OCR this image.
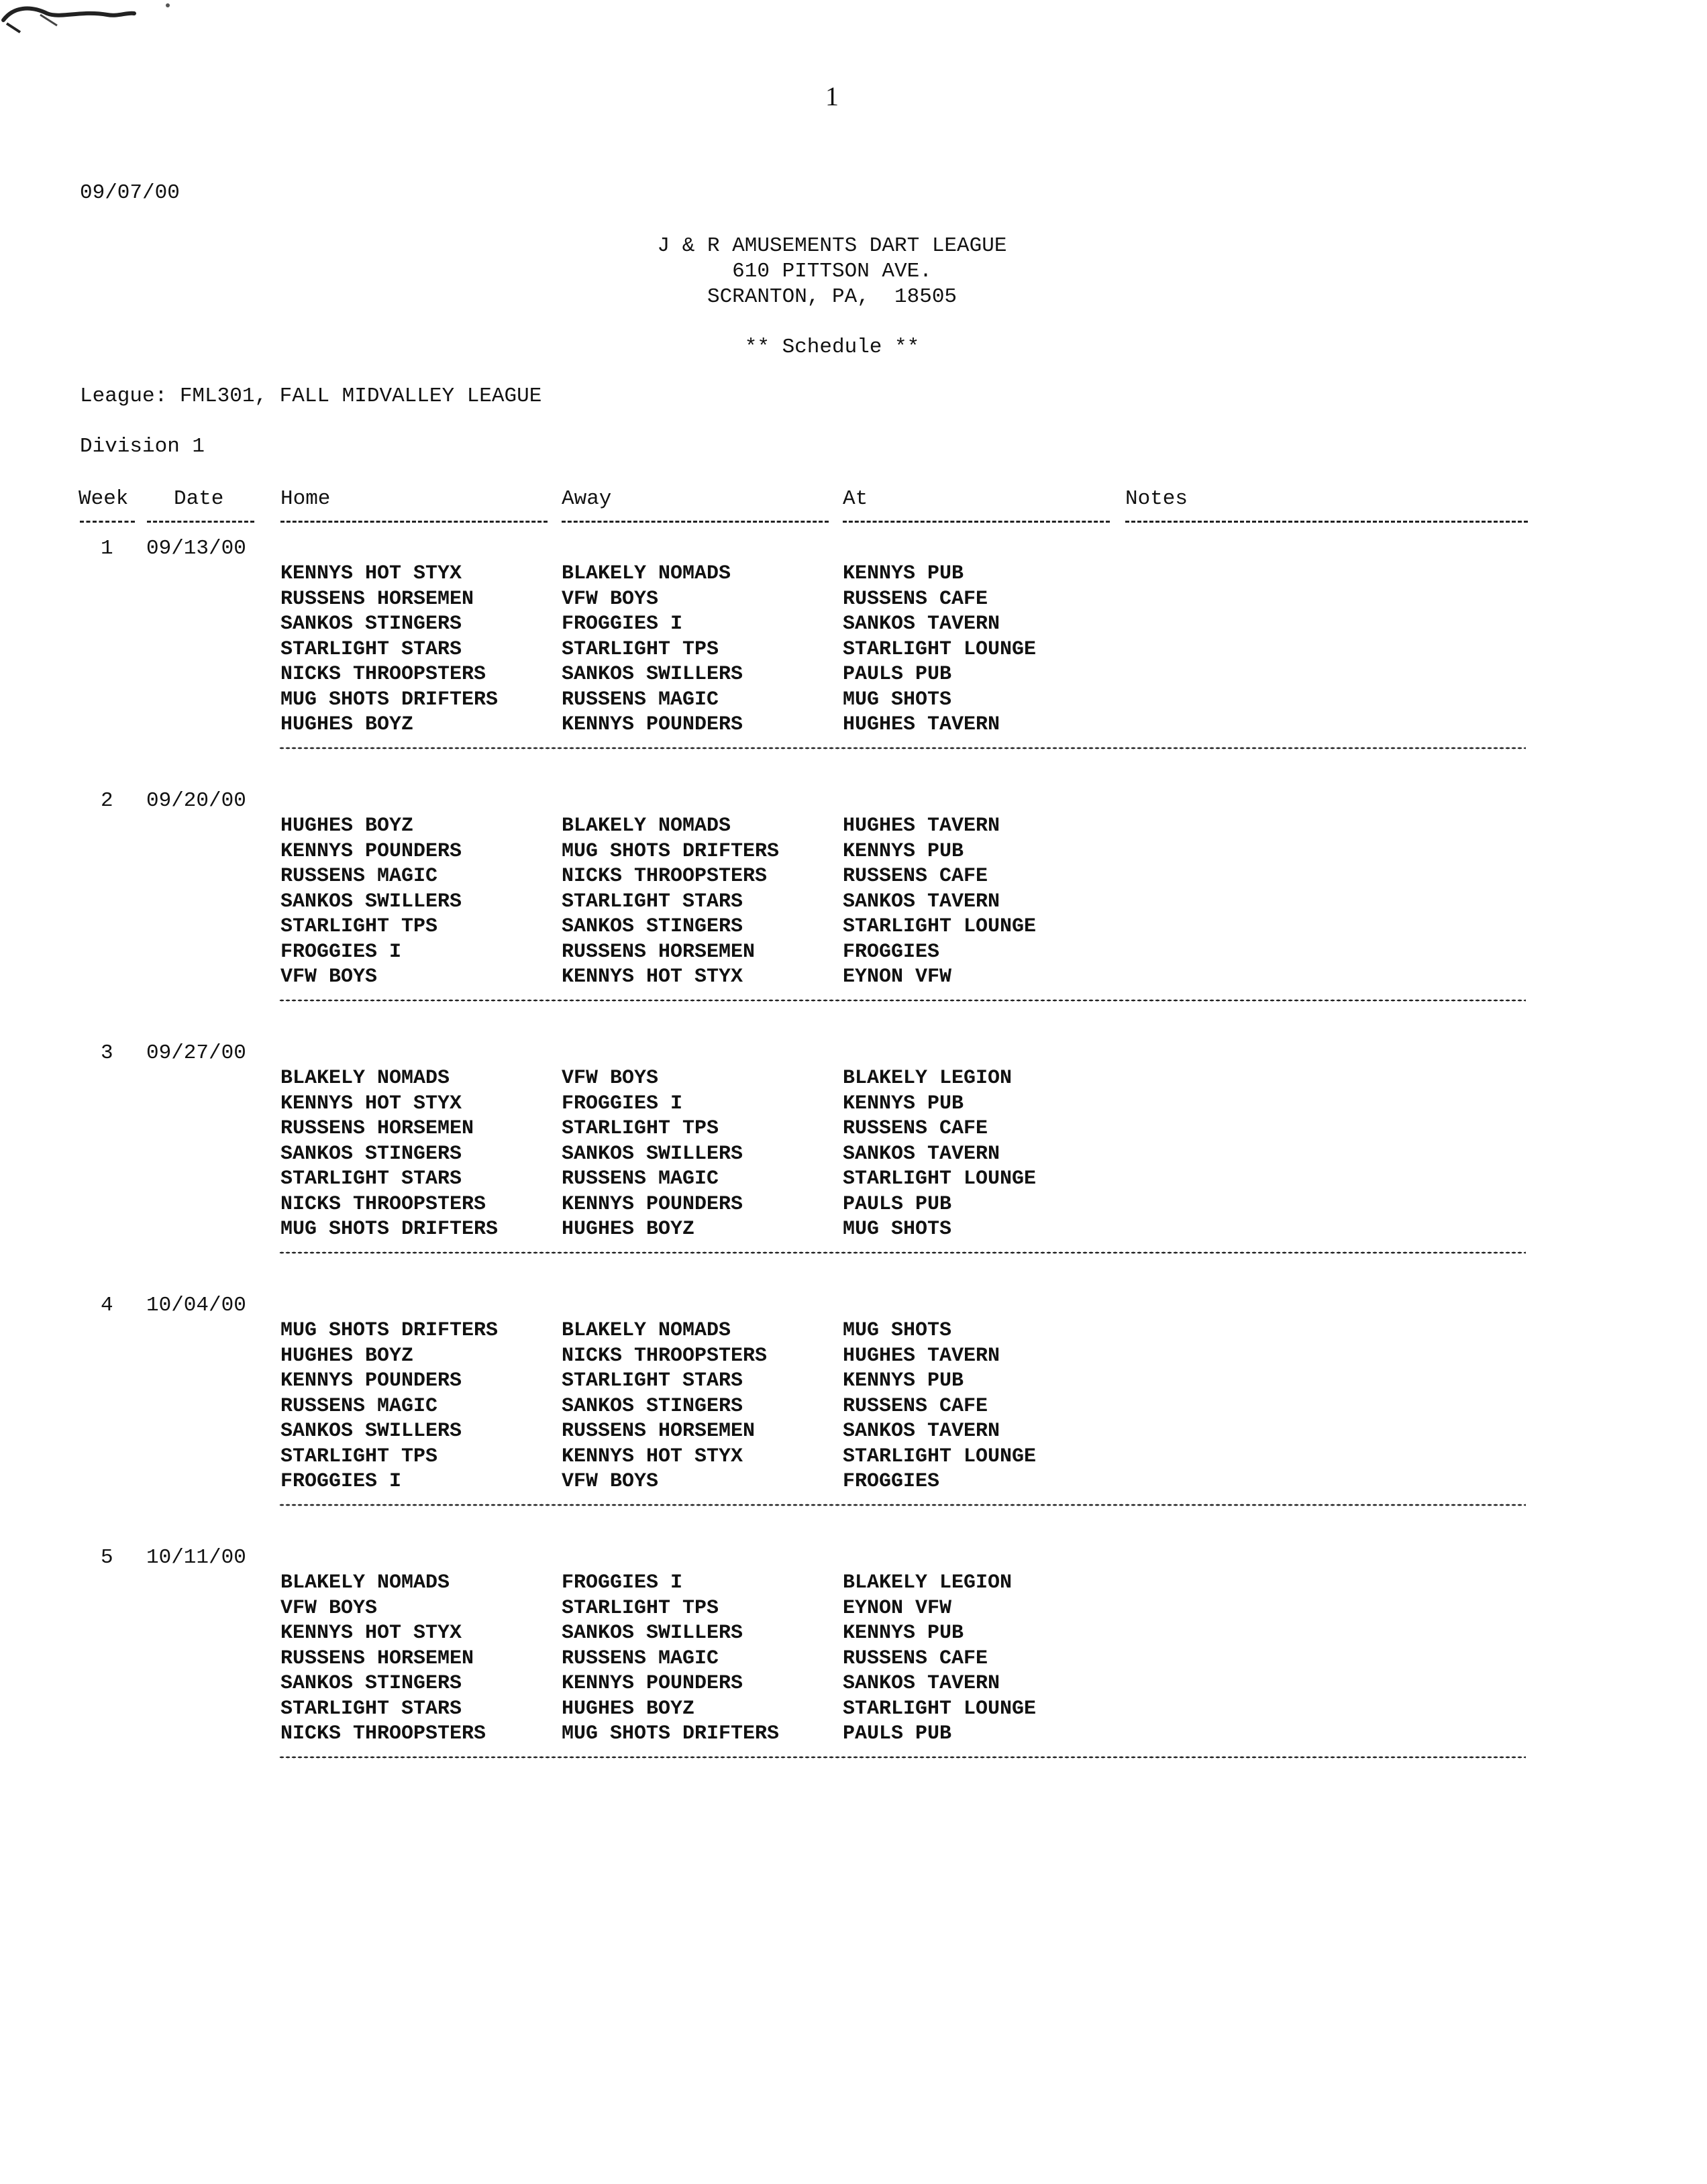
1
09/07/00
J & R AMUSEMENTS DART LEAGUE
610 PITTSON AVE.
SCRANTON, PA,  18505
** Schedule **
League: FML301, FALL MIDVALLEY LEAGUE
Division 1
Week Date	Home	Away	At	Notes
1 09/13/00
KENNYS HOT STYX	BLAKELY NOMADS	KENNYS PUB
RUSSENS HORSEMEN	VFW BOYS	RUSSENS CAFE
SANKOS STINGERS	FROGGIES I	SANKOS TAVERN
STARLIGHT STARS	STARLIGHT TPS	STARLIGHT LOUNGE
NICKS THROOPSTERS	SANKOS SWILLERS	PAULS PUB
MUG SHOTS DRIFTERS	RUSSENS MAGIC	MUG SHOTS
HUGHES BOYZ	KENNYS POUNDERS	HUGHES TAVERN
2 09/20/00
HUGHES BOYZ	BLAKELY NOMADS	HUGHES TAVERN
KENNYS POUNDERS	MUG SHOTS DRIFTERS	KENNYS PUB
RUSSENS MAGIC	NICKS THROOPSTERS	RUSSENS CAFE
SANKOS SWILLERS	STARLIGHT STARS	SANKOS TAVERN
STARLIGHT TPS	SANKOS STINGERS	STARLIGHT LOUNGE
FROGGIES I	RUSSENS HORSEMEN	FROGGIES
VFW BOYS	KENNYS HOT STYX	EYNON VFW
3 09/27/00
BLAKELY NOMADS	VFW BOYS	BLAKELY LEGION
KENNYS HOT STYX	FROGGIES I	KENNYS PUB
RUSSENS HORSEMEN	STARLIGHT TPS	RUSSENS CAFE
SANKOS STINGERS	SANKOS SWILLERS	SANKOS TAVERN
STARLIGHT STARS	RUSSENS MAGIC	STARLIGHT LOUNGE
NICKS THROOPSTERS	KENNYS POUNDERS	PAULS PUB
MUG SHOTS DRIFTERS	HUGHES BOYZ	MUG SHOTS
4 10/04/00
MUG SHOTS DRIFTERS	BLAKELY NOMADS	MUG SHOTS
HUGHES BOYZ	NICKS THROOPSTERS	HUGHES TAVERN
KENNYS POUNDERS	STARLIGHT STARS	KENNYS PUB
RUSSENS MAGIC	SANKOS STINGERS	RUSSENS CAFE
SANKOS SWILLERS	RUSSENS HORSEMEN	SANKOS TAVERN
STARLIGHT TPS	KENNYS HOT STYX	STARLIGHT LOUNGE
FROGGIES I	VFW BOYS	FROGGIES
5 10/11/00
BLAKELY NOMADS	FROGGIES I	BLAKELY LEGION
VFW BOYS	STARLIGHT TPS	EYNON VFW
KENNYS HOT STYX	SANKOS SWILLERS	KENNYS PUB
RUSSENS HORSEMEN	RUSSENS MAGIC	RUSSENS CAFE
SANKOS STINGERS	KENNYS POUNDERS	SANKOS TAVERN
STARLIGHT STARS	HUGHES BOYZ	STARLIGHT LOUNGE
NICKS THROOPSTERS	MUG SHOTS DRIFTERS	PAULS PUB
